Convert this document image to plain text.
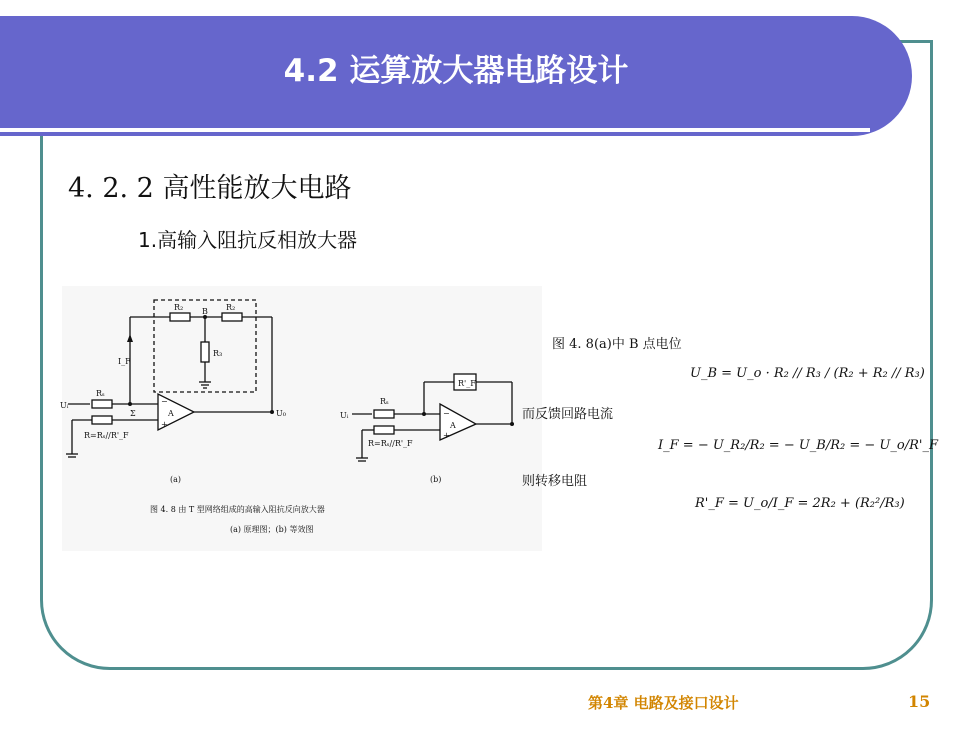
4.2 运算放大器电路设计
4. 2. 2 高性能放大电路
1.高输入阻抗反相放大器
R₂ B R₂
R₃
I_F
Uᵢ
Rₛ
Σ	A
−
+
U₀
R=Rₛ//R'_F
(a)
R'_F
Rₛ
Uᵢ
A
−
+
R=Rₛ//R'_F
(b)
图 4. 8 由 T 型网络组成的高输入阻抗反向放大器
(a) 原理图；(b) 等效图
图 4. 8(a)中 B 点电位
U_B = U_o · R₂ // R₃ / (R₂ + R₂ // R₃)
而反馈回路电流
I_F = − U_R₂/R₂ = − U_B/R₂ = − U_o/R'_F
则转移电阻
R'_F = U_o/I_F = 2R₂ + (R₂²/R₃)
第4章 电路及接口设计	15
